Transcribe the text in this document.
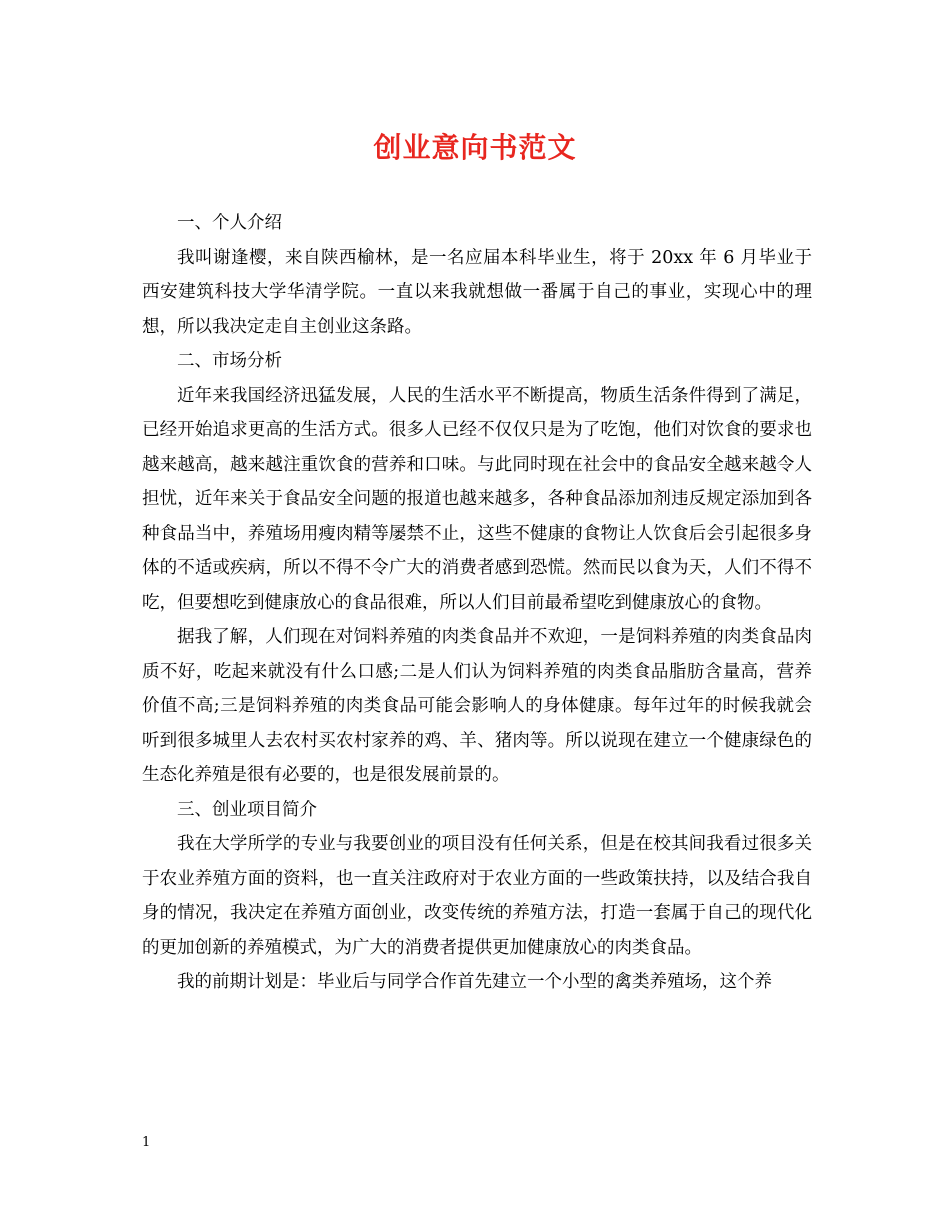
创业意向书范文

一、个人介绍

我叫谢逢樱，来自陕西榆林，是一名应届本科毕业生，将于 20xx 年 6 月毕业于西安建筑科技大学华清学院。一直以来我就想做一番属于自己的事业，实现心中的理想，所以我决定走自主创业这条路。

二、市场分析

近年来我国经济迅猛发展，人民的生活水平不断提高，物质生活条件得到了满足，已经开始追求更高的生活方式。很多人已经不仅仅只是为了吃饱，他们对饮食的要求也越来越高，越来越注重饮食的营养和口味。与此同时现在社会中的食品安全越来越令人担忧，近年来关于食品安全问题的报道也越来越多，各种食品添加剂违反规定添加到各种食品当中，养殖场用瘦肉精等屡禁不止，这些不健康的食物让人饮食后会引起很多身体的不适或疾病，所以不得不令广大的消费者感到恐慌。然而民以食为天，人们不得不吃，但要想吃到健康放心的食品很难，所以人们目前最希望吃到健康放心的食物。

据我了解，人们现在对饲料养殖的肉类食品并不欢迎，一是饲料养殖的肉类食品肉质不好，吃起来就没有什么口感;二是人们认为饲料养殖的肉类食品脂肪含量高，营养价值不高;三是饲料养殖的肉类食品可能会影响人的身体健康。每年过年的时候我就会听到很多城里人去农村买农村家养的鸡、羊、猪肉等。所以说现在建立一个健康绿色的生态化养殖是很有必要的，也是很发展前景的。

三、创业项目简介

我在大学所学的专业与我要创业的项目没有任何关系，但是在校其间我看过很多关于农业养殖方面的资料，也一直关注政府对于农业方面的一些政策扶持，以及结合我自身的情况，我决定在养殖方面创业，改变传统的养殖方法，打造一套属于自己的现代化的更加创新的养殖模式，为广大的消费者提供更加健康放心的肉类食品。

我的前期计划是：毕业后与同学合作首先建立一个小型的禽类养殖场，这个养

1
